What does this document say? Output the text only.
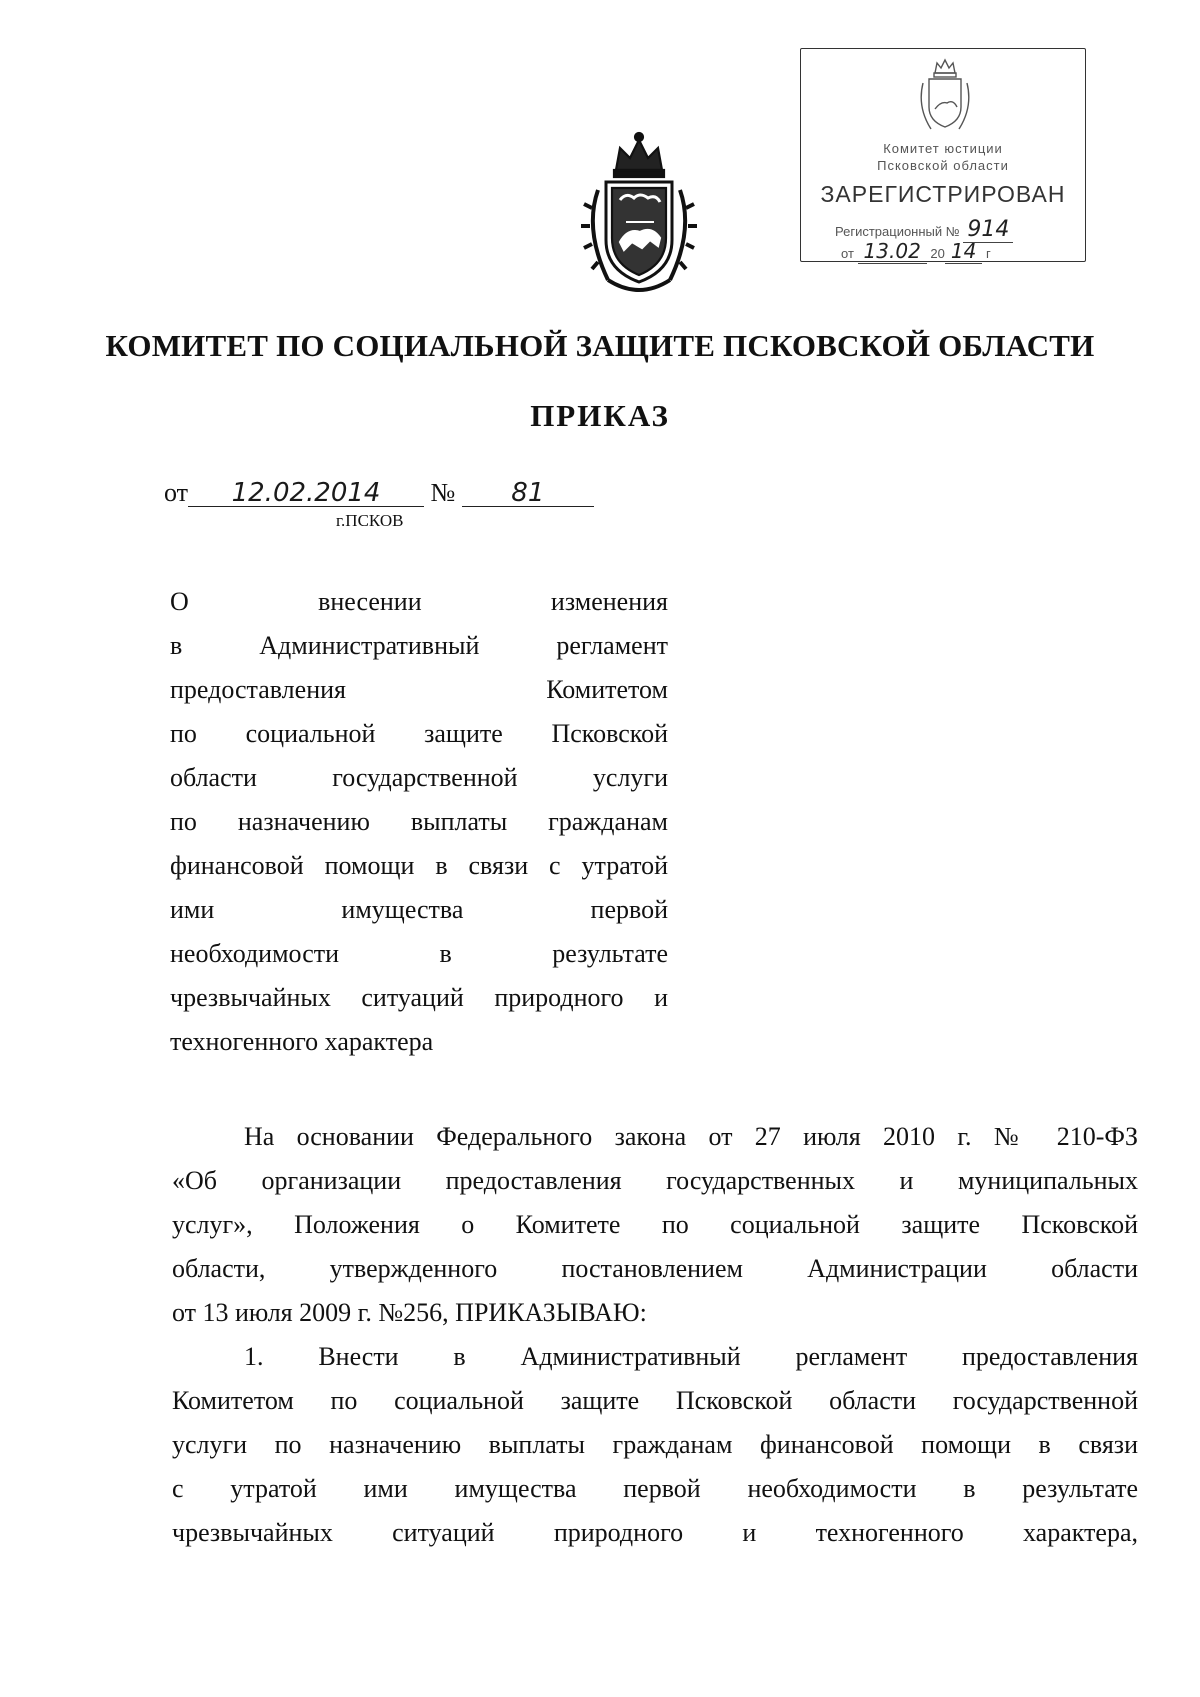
Комитет юстиции
Псковской области
ЗАРЕГИСТРИРОВАН
Регистрационный № 914
от 13.02 20 14 г
КОМИТЕТ ПО СОЦИАЛЬНОЙ ЗАЩИТЕ ПСКОВСКОЙ ОБЛАСТИ
ПРИКАЗ
от 12.02.2014 № 81
г.ПСКОВ
О внесении изменения
в Административный регламент
предоставления Комитетом
по социальной защите Псковской
области государственной услуги
по назначению выплаты гражданам
финансовой помощи в связи с утратой
ими имущества первой
необходимости в результате
чрезвычайных ситуаций природного и
техногенного характера
На основании Федерального закона от 27 июля 2010 г. № 210-ФЗ
«Об организации предоставления государственных и муниципальных
услуг», Положения о Комитете по социальной защите Псковской
области, утвержденного постановлением Администрации области
от 13 июля 2009 г. №256, ПРИКАЗЫВАЮ:
1. Внести в Административный регламент предоставления
Комитетом по социальной защите Псковской области государственной
услуги по назначению выплаты гражданам финансовой помощи в связи
с утратой ими имущества первой необходимости в результате
чрезвычайных ситуаций природного и техногенного характера,
